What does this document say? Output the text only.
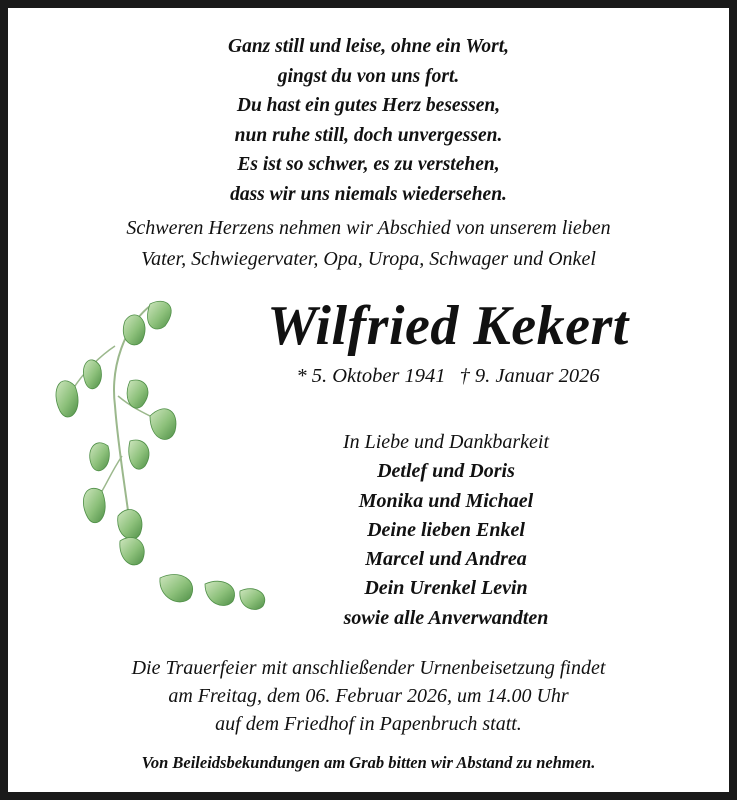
Ganz still und leise, ohne ein Wort,
gingst du von uns fort.
Du hast ein gutes Herz besessen,
nun ruhe still, doch unvergessen.
Es ist so schwer, es zu verstehen,
dass wir uns niemals wiedersehen.
Schweren Herzens nehmen wir Abschied von unserem lieben
Vater, Schwiegervater, Opa, Uropa, Schwager und Onkel
Wilfried Kekert
* 5. Oktober 1941 † 9. Januar 2026
In Liebe und Dankbarkeit
Detlef und Doris
Monika und Michael
Deine lieben Enkel
Marcel und Andrea
Dein Urenkel Levin
sowie alle Anverwandten
Die Trauerfeier mit anschließender Urnenbeisetzung findet
am Freitag, dem 06. Februar 2026, um 14.00 Uhr
auf dem Friedhof in Papenbruch statt.
Von Beileidsbekundungen am Grab bitten wir Abstand zu nehmen.
